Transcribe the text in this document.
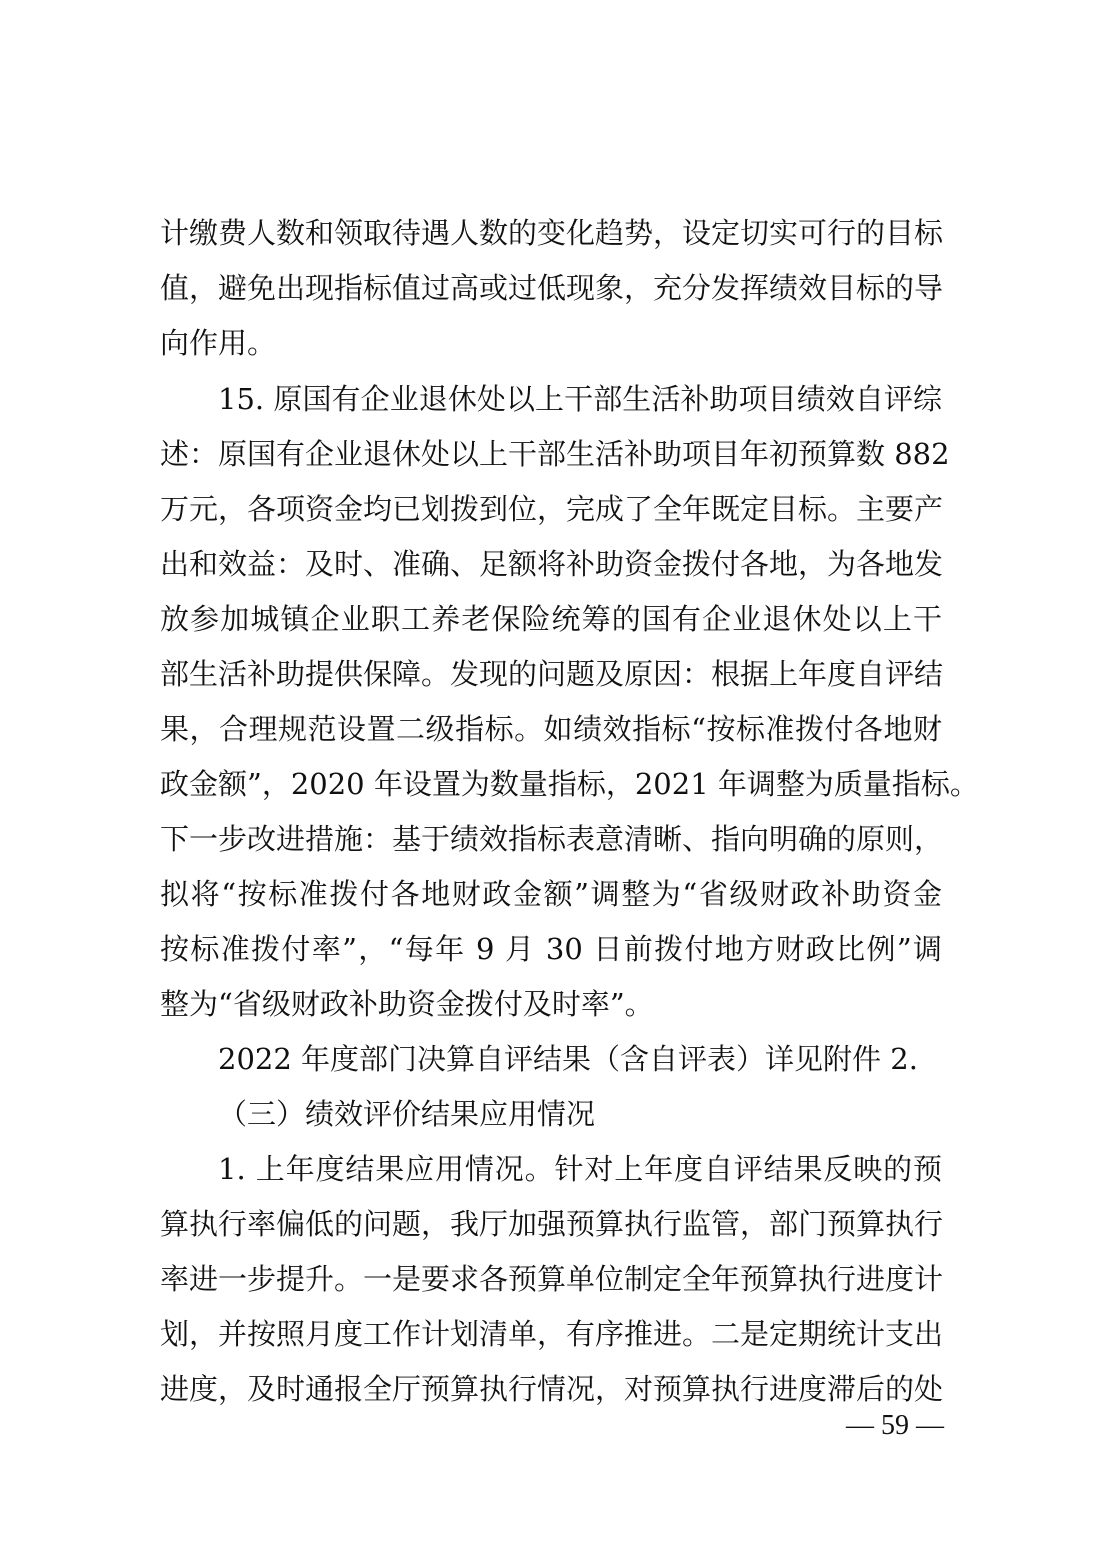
计缴费人数和领取待遇人数的变化趋势，设定切实可行的目标
值，避免出现指标值过高或过低现象，充分发挥绩效目标的导
向作用。
15. 原国有企业退休处以上干部生活补助项目绩效自评综
述：原国有企业退休处以上干部生活补助项目年初预算数 882
万元，各项资金均已划拨到位，完成了全年既定目标。主要产
出和效益：及时、准确、足额将补助资金拨付各地，为各地发
放参加城镇企业职工养老保险统筹的国有企业退休处以上干
部生活补助提供保障。发现的问题及原因：根据上年度自评结
果，合理规范设置二级指标。如绩效指标“按标准拨付各地财
政金额”，2020 年设置为数量指标，2021 年调整为质量指标。
下一步改进措施：基于绩效指标表意清晰、指向明确的原则，
拟将“按标准拨付各地财政金额”调整为“省级财政补助资金
按标准拨付率”，“每年 9 月 30 日前拨付地方财政比例”调
整为“省级财政补助资金拨付及时率”。
2022 年度部门决算自评结果（含自评表）详见附件 2.
（三）绩效评价结果应用情况
1. 上年度结果应用情况。针对上年度自评结果反映的预
算执行率偏低的问题，我厅加强预算执行监管，部门预算执行
率进一步提升。一是要求各预算单位制定全年预算执行进度计
划，并按照月度工作计划清单，有序推进。二是定期统计支出
进度，及时通报全厅预算执行情况，对预算执行进度滞后的处
— 59 —
